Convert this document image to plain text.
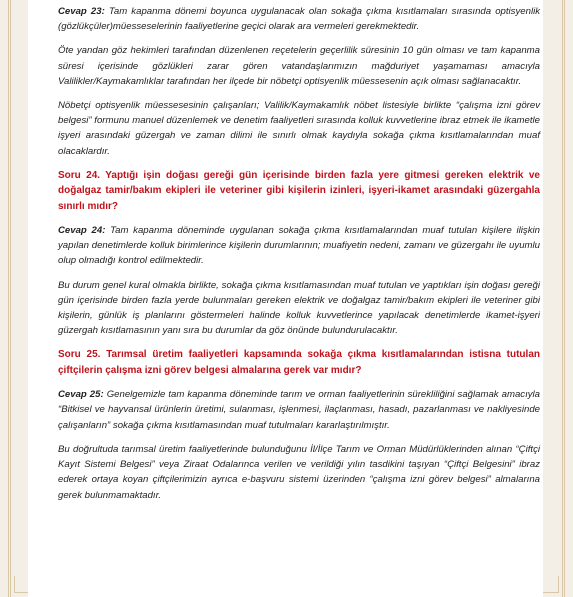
Cevap 23: Tam kapanma dönemi boyunca uygulanacak olan sokağa çıkma kısıtlamaları sırasında optisyenlik (gözlükçüler)müesseselerinin faaliyetlerine geçici olarak ara vermeleri gerekmektedir.

Öte yandan göz hekimleri tarafından düzenlenen reçetelerin geçerlilik süresinin 10 gün olması ve tam kapanma süresi içerisinde gözlükleri zarar gören vatandaşlarımızın mağduriyet yaşamaması amacıyla Valilikler/Kaymakamlıklar tarafından her ilçede bir nöbetçi optisyenlik müessesenin açık olması sağlanacaktır.

Nöbetçi optisyenlik müessesesinin çalışanları; Valilik/Kaymakamlık nöbet listesiyle birlikte “çalışma izni görev belgesi” formunu manuel düzenlemek ve denetim faaliyetleri sırasında kolluk kuvvetlerine ibraz etmek ile ikametle işyeri arasındaki güzergah ve zaman dilimi ile sınırlı olmak kaydıyla sokağa çıkma kısıtlamalarından muaf olacaklardır.

Soru 24. Yaptığı işin doğası gereği gün içerisinde birden fazla yere gitmesi gereken elektrik ve doğalgaz tamir/bakım ekipleri ile veteriner gibi kişilerin izinleri, işyeri-ikamet arasındaki güzergahla sınırlı mıdır?

Cevap 24: Tam kapanma döneminde uygulanan sokağa çıkma kısıtlamalarından muaf tutulan kişilere ilişkin yapılan denetimlerde kolluk birimlerince kişilerin durumlarının; muafiyetin nedeni, zamanı ve güzergahı ile uyumlu olup olmadığı kontrol edilmektedir.

Bu durum genel kural olmakla birlikte, sokağa çıkma kısıtlamasından muaf tutulan ve yaptıkları işin doğası gereği gün içerisinde birden fazla yerde bulunmaları gereken elektrik ve doğalgaz tamir/bakım ekipleri ile veteriner gibi kişilerin, günlük iş planlarını göstermeleri halinde kolluk kuvvetlerince yapılacak denetimlerde ikamet-işyeri güzergah kısıtlamasının yanı sıra bu durumlar da göz önünde bulundurulacaktır.

Soru 25. Tarımsal üretim faaliyetleri kapsamında sokağa çıkma kısıtlamalarından istisna tutulan çiftçilerin çalışma izni görev belgesi almalarına gerek var mıdır?

Cevap 25: Genelgemizle tam kapanma döneminde tarım ve orman faaliyetlerinin sürekliliğini sağlamak amacıyla “Bitkisel ve hayvansal ürünlerin üretimi, sulanması, işlenmesi, ilaçlanması, hasadı, pazarlanması ve nakliyesinde çalışanların” sokağa çıkma kısıtlamasından muaf tutulmaları kararlaştırılmıştır.

Bu doğrultuda tarımsal üretim faaliyetlerinde bulunduğunu İl/İlçe Tarım ve Orman Müdürlüklerinden alınan “Çiftçi Kayıt Sistemi Belgesi” veya Ziraat Odalarınca verilen ve verildiği yılın tasdikini taşıyan “Çiftçi Belgesini” ibraz ederek ortaya koyan çiftçilerimizin ayrıca e-başvuru sistemi üzerinden “çalışma izni görev belgesi” almalarına gerek bulunmamaktadır.
